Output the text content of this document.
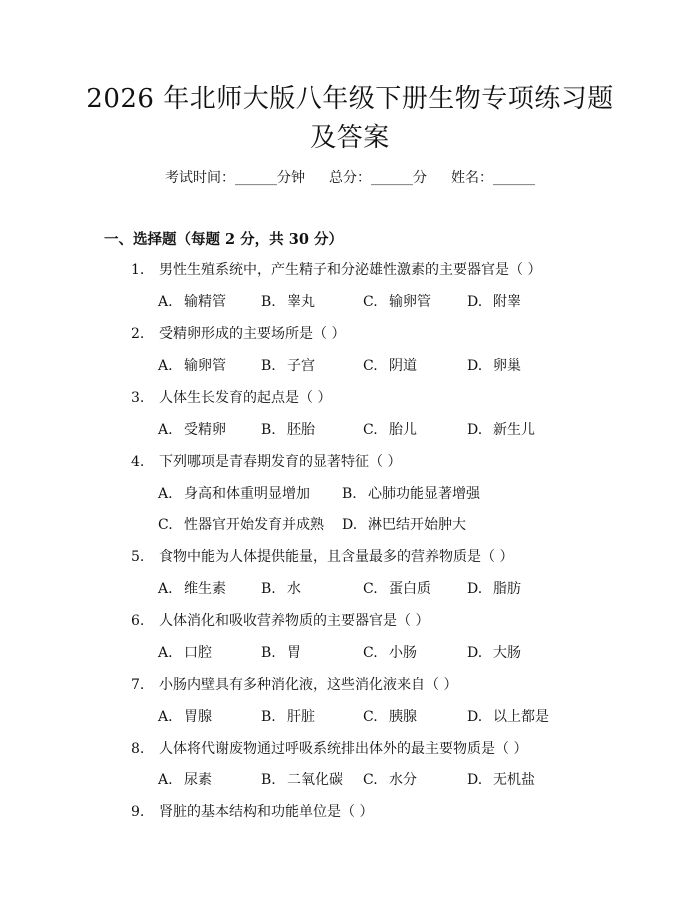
2026 年北师大版八年级下册生物专项练习题
及答案
考试时间：______分钟 总分：______分 姓名：______
一、选择题（每题 2 分，共 30 分）
1. 男性生殖系统中，产生精子和分泌雄性激素的主要器官是（ ）
A. 输精管	B. 睾丸	C. 输卵管	D. 附睾
2. 受精卵形成的主要场所是（ ）
A. 输卵管	B. 子宫	C. 阴道	D. 卵巢
3. 人体生长发育的起点是（ ）
A. 受精卵	B. 胚胎	C. 胎儿	D. 新生儿
4. 下列哪项是青春期发育的显著特征（ ）
A. 身高和体重明显增加 B. 心肺功能显著增强
C. 性器官开始发育并成熟 D. 淋巴结开始肿大
5. 食物中能为人体提供能量，且含量最多的营养物质是（ ）
A. 维生素	B. 水	C. 蛋白质	D. 脂肪
6. 人体消化和吸收营养物质的主要器官是（ ）
A. 口腔	B. 胃	C. 小肠	D. 大肠
7. 小肠内壁具有多种消化液，这些消化液来自（ ）
A. 胃腺	B. 肝脏	C. 胰腺	D. 以上都是
8. 人体将代谢废物通过呼吸系统排出体外的最主要物质是（ ）
A. 尿素	B. 二氧化碳 C. 水分	D. 无机盐
9. 肾脏的基本结构和功能单位是（ ）
